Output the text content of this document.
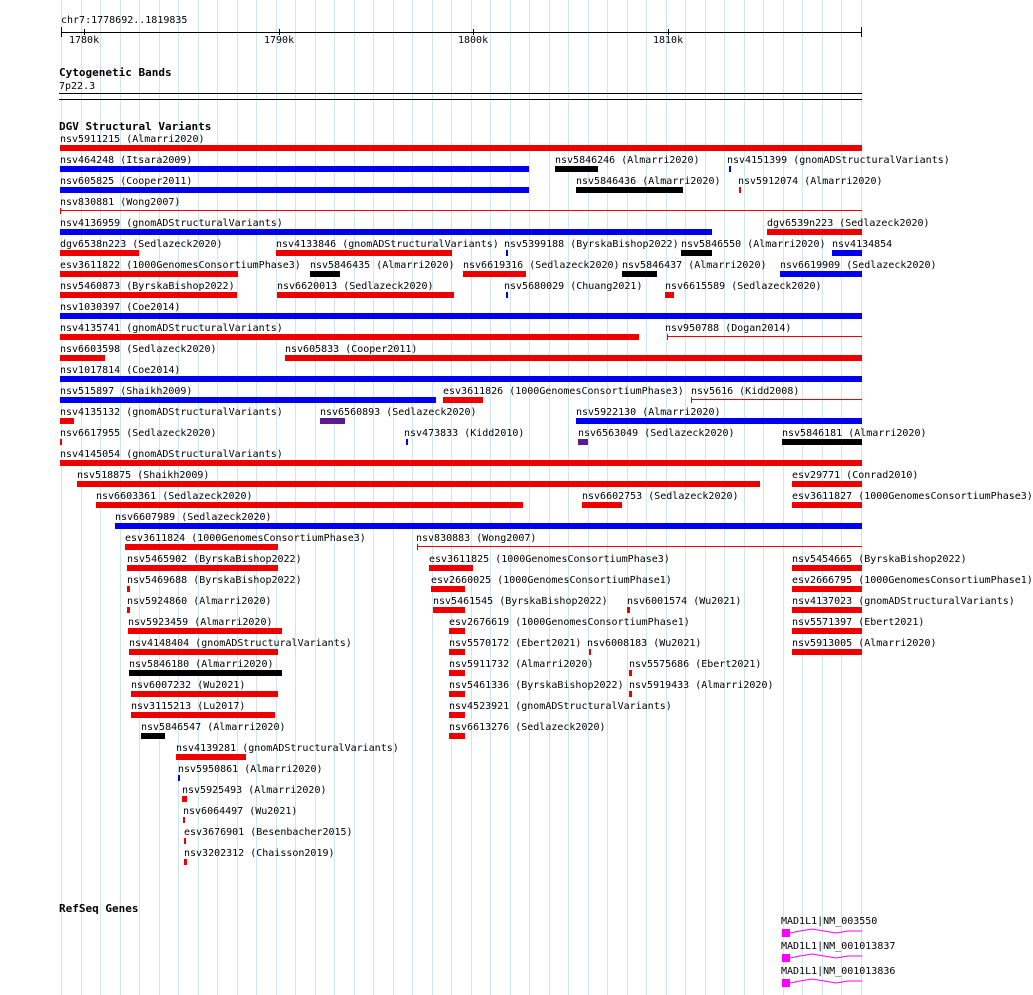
chr7:1778692..1819835
1780k	1790k	1800k	1810k
Cytogenetic Bands
7p22.3
DGV Structural Variants
nsv5911215 (Almarri2020)
nsv464248 (Itsara2009)	nsv5846246 (Almarri2020)	nsv4151399 (gnomADStructuralVariants)
nsv605825 (Cooper2011)	nsv5846436 (Almarri2020) nsv5912074 (Almarri2020)
nsv830881 (Wong2007)
nsv4136959 (gnomADStructuralVariants)	dgv6539n223 (Sedlazeck2020)
dgv6538n223 (Sedlazeck2020)	nsv4133846 (gnomADStructuralVariants) nsv5399188 (ByrskaBishop2022) nsv5846550 (Almarri2020) nsv4134854
esv3611822 (1000GenomesConsortiumPhase3) nsv5846435 (Almarri2020) nsv6619316 (Sedlazeck2020) nsv5846437 (Almarri2020) nsv6619909 (Sedlazeck2020)
nsv5460873 (ByrskaBishop2022)	nsv6620013 (Sedlazeck2020)	nsv5680029 (Chuang2021) nsv6615589 (Sedlazeck2020)
nsv1030397 (Coe2014)
nsv4135741 (gnomADStructuralVariants)	nsv950788 (Dogan2014)
nsv6603598 (Sedlazeck2020)	nsv605833 (Cooper2011)
nsv1017814 (Coe2014)
nsv515897 (Shaikh2009)	esv3611826 (1000GenomesConsortiumPhase3) nsv5616 (Kidd2008)
nsv4135132 (gnomADStructuralVariants)	nsv6560893 (Sedlazeck2020)	nsv5922130 (Almarri2020)
nsv6617955 (Sedlazeck2020)	nsv473833 (Kidd2010)	nsv6563049 (Sedlazeck2020)	nsv5846181 (Almarri2020)
nsv4145054 (gnomADStructuralVariants)
nsv518875 (Shaikh2009)	esv29771 (Conrad2010)
nsv6603361 (Sedlazeck2020)	nsv6602753 (Sedlazeck2020)	esv3611827 (1000GenomesConsortiumPhase3)
nsv6607989 (Sedlazeck2020)
esv3611824 (1000GenomesConsortiumPhase3)	nsv830883 (Wong2007)
nsv5465902 (ByrskaBishop2022)	esv3611825 (1000GenomesConsortiumPhase3)	nsv5454665 (ByrskaBishop2022)
nsv5469688 (ByrskaBishop2022)	esv2660025 (1000GenomesConsortiumPhase1)	esv2666795 (1000GenomesConsortiumPhase1)
nsv5924860 (Almarri2020)	nsv5461545 (ByrskaBishop2022) nsv6001574 (Wu2021)	nsv4137023 (gnomADStructuralVariants)
nsv5923459 (Almarri2020)	esv2676619 (1000GenomesConsortiumPhase1)	nsv5571397 (Ebert2021)
nsv4148404 (gnomADStructuralVariants)	nsv5570172 (Ebert2021) nsv6008183 (Wu2021)	nsv5913005 (Almarri2020)
nsv5846180 (Almarri2020)	nsv5911732 (Almarri2020)	nsv5575686 (Ebert2021)
nsv6007232 (Wu2021)	nsv5461336 (ByrskaBishop2022) nsv5919433 (Almarri2020)
nsv3115213 (Lu2017)	nsv4523921 (gnomADStructuralVariants)
nsv5846547 (Almarri2020)	nsv6613276 (Sedlazeck2020)
nsv4139281 (gnomADStructuralVariants)
nsv5950861 (Almarri2020)
nsv5925493 (Almarri2020)
nsv6064497 (Wu2021)
esv3676901 (Besenbacher2015)
nsv3202312 (Chaisson2019)
RefSeq Genes
MAD1L1|NM_003550
MAD1L1|NM_001013837
MAD1L1|NM_001013836
